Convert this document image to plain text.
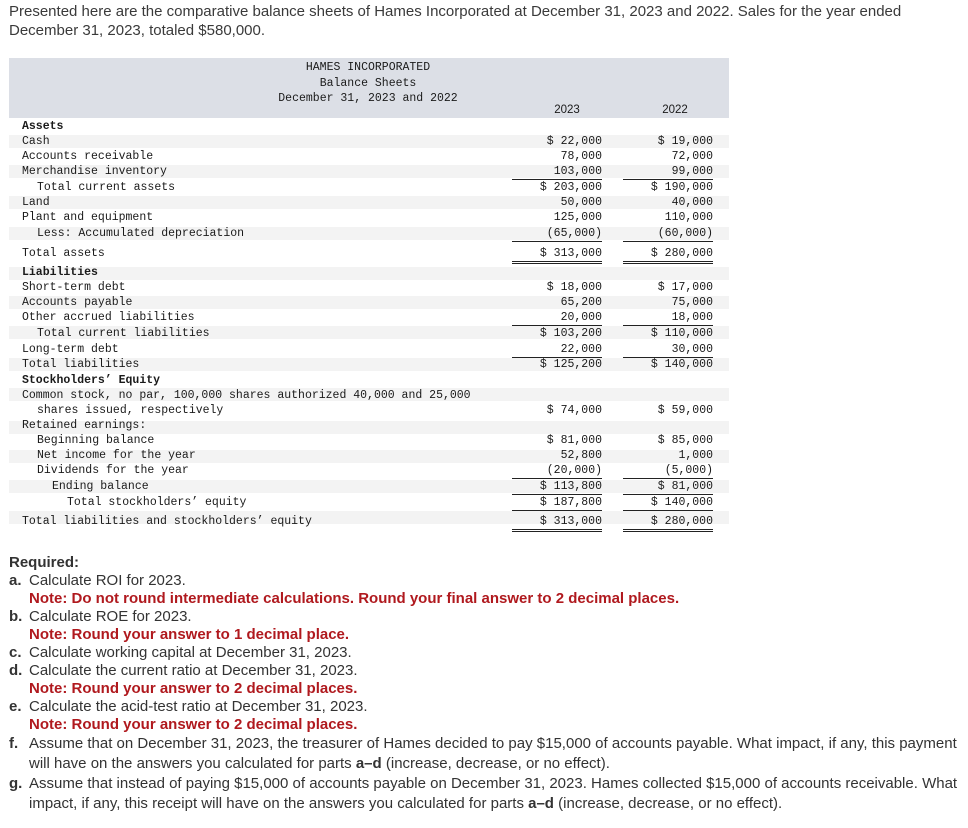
Presented here are the comparative balance sheets of Hames Incorporated at December 31, 2023 and 2022. Sales for the year ended December 31, 2023, totaled $580,000.
HAMES INCORPORATED
Balance Sheets
December 31, 2023 and 2022
2023	2022
Assets
Cash	$ 22,000	$ 19,000
Accounts receivable	78,000	72,000
Merchandise inventory	103,000	99,000
Total current assets	$ 203,000	$ 190,000
Land	50,000	40,000
Plant and equipment	125,000	110,000
Less: Accumulated depreciation	(65,000)	(60,000)
Total assets	$ 313,000	$ 280,000
Liabilities
Short-term debt	$ 18,000	$ 17,000
Accounts payable	65,200	75,000
Other accrued liabilities	20,000	18,000
Total current liabilities	$ 103,200	$ 110,000
Long-term debt	22,000	30,000
Total liabilities	$ 125,200	$ 140,000
Stockholders’ Equity
Common stock, no par, 100,000 shares authorized 40,000 and 25,000
shares issued, respectively	$ 74,000	$ 59,000
Retained earnings:
Beginning balance	$ 81,000	$ 85,000
Net income for the year	52,800	1,000
Dividends for the year	(20,000)	(5,000)
Ending balance	$ 113,800	$ 81,000
Total stockholders’ equity	$ 187,800	$ 140,000
Total liabilities and stockholders’ equity	$ 313,000	$ 280,000
Required:
a. Calculate ROI for 2023.
Note: Do not round intermediate calculations. Round your final answer to 2 decimal places.
b. Calculate ROE for 2023.
Note: Round your answer to 1 decimal place.
c. Calculate working capital at December 31, 2023.
d. Calculate the current ratio at December 31, 2023.
Note: Round your answer to 2 decimal places.
e. Calculate the acid-test ratio at December 31, 2023.
Note: Round your answer to 2 decimal places.
f. Assume that on December 31, 2023, the treasurer of Hames decided to pay $15,000 of accounts payable. What impact, if any, this payment will have on the answers you calculated for parts a–d (increase, decrease, or no effect).
g. Assume that instead of paying $15,000 of accounts payable on December 31, 2023. Hames collected $15,000 of accounts receivable. What impact, if any, this receipt will have on the answers you calculated for parts a–d (increase, decrease, or no effect).
